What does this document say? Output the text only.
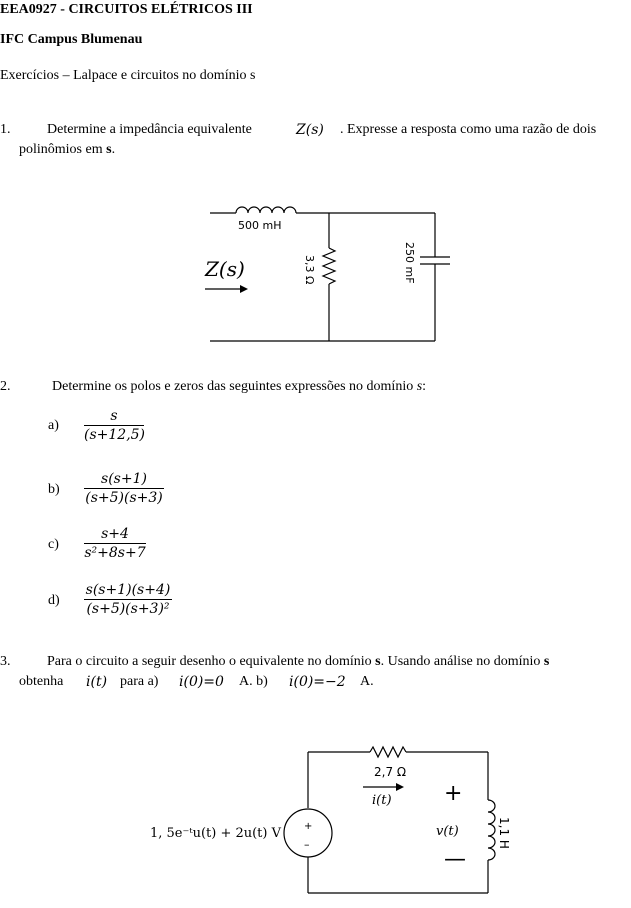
EEA0927 - CIRCUITOS ELÉTRICOS III
IFC Campus Blumenau
Exercícios – Lalpace e circuitos no domínio s
1.	Determine a impedância equivalente	Z(s) . Expresse a resposta como uma razão de dois
polinômios em s.
500 mH
3,3 Ω	250 mF
Z(s)
2.	Determine os polos e zeros das seguintes expressões no domínio s:
$a) \frac{s}{(s+12,5)}$
$b) \frac{s(s+1)}{(s+5)(s+3)}$
$c) \frac{s+4}{\text{s²+8s+7}}$
$d) \frac{s(s+1)(s+4)}{\text{(s+5)(s+3)²}}$
3.	Para o circuito a seguir desenho o equivalente no domínio s. Usando análise no domínio s
obtenha i(t) para a) i(0)=0 A. b) i(0)=−2 A.
2,7 Ω
i(t)
v(t)	1,1 H
+
—
+
–
1, 5e⁻ᵗu(t) + 2u(t) V
